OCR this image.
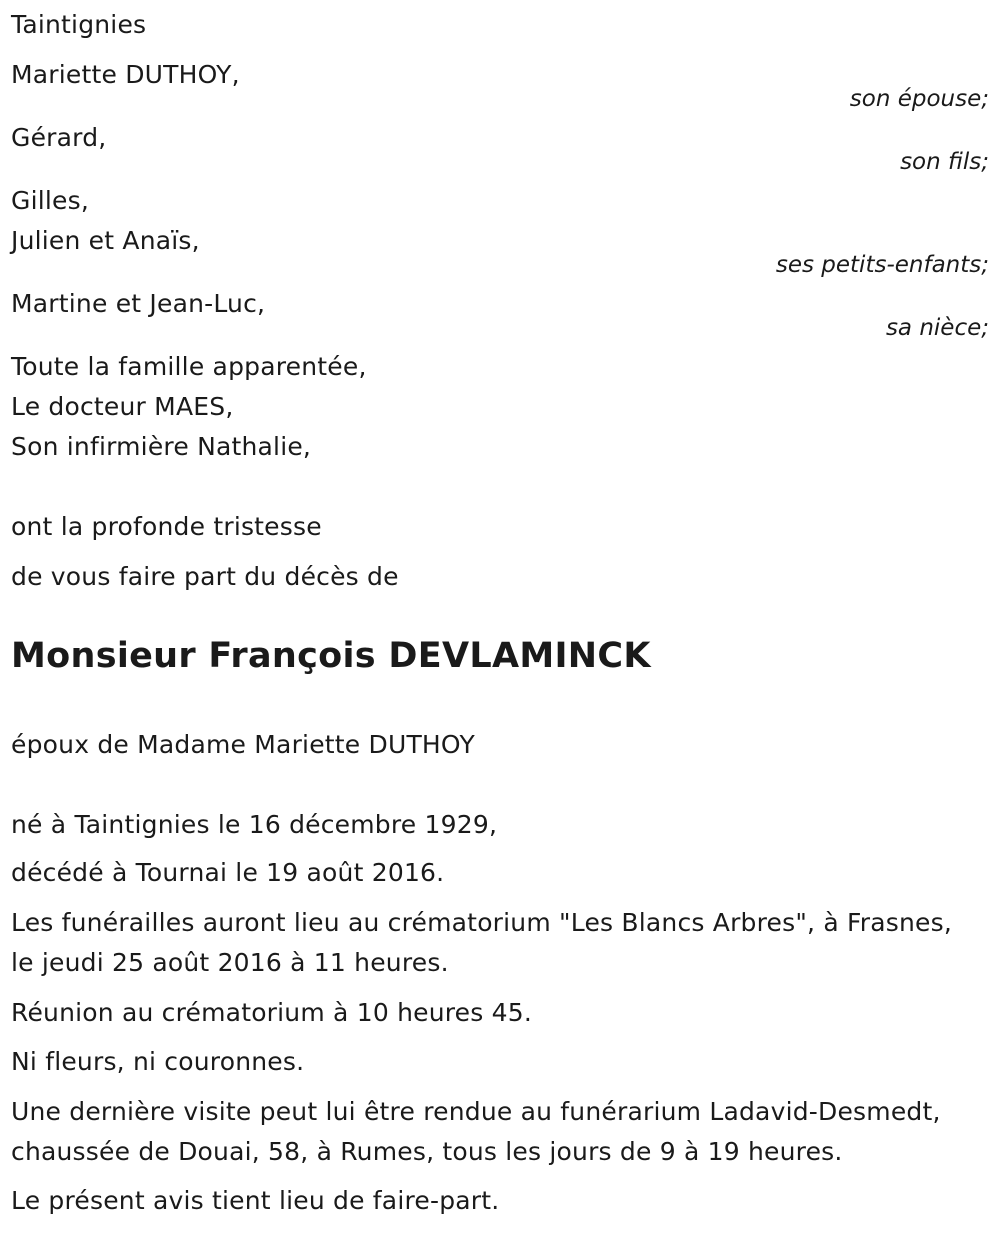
Taintignies
Mariette DUTHOY,
son épouse;
Gérard,
son fils;
Gilles,
Julien et Anaïs,
ses petits-enfants;
Martine et Jean-Luc,
sa nièce;
Toute la famille apparentée,
Le docteur MAES,
Son infirmière Nathalie,
ont la profonde tristesse
de vous faire part du décès de
Monsieur François DEVLAMINCK
époux de Madame Mariette DUTHOY
né à Taintignies le 16 décembre 1929,
décédé à Tournai le 19 août 2016.
Les funérailles auront lieu au crématorium "Les Blancs Arbres", à Frasnes,
le jeudi 25 août 2016 à 11 heures.
Réunion au crématorium à 10 heures 45.
Ni fleurs, ni couronnes.
Une dernière visite peut lui être rendue au funérarium Ladavid-Desmedt,
chaussée de Douai, 58, à Rumes, tous les jours de 9 à 19 heures.
Le présent avis tient lieu de faire-part.
